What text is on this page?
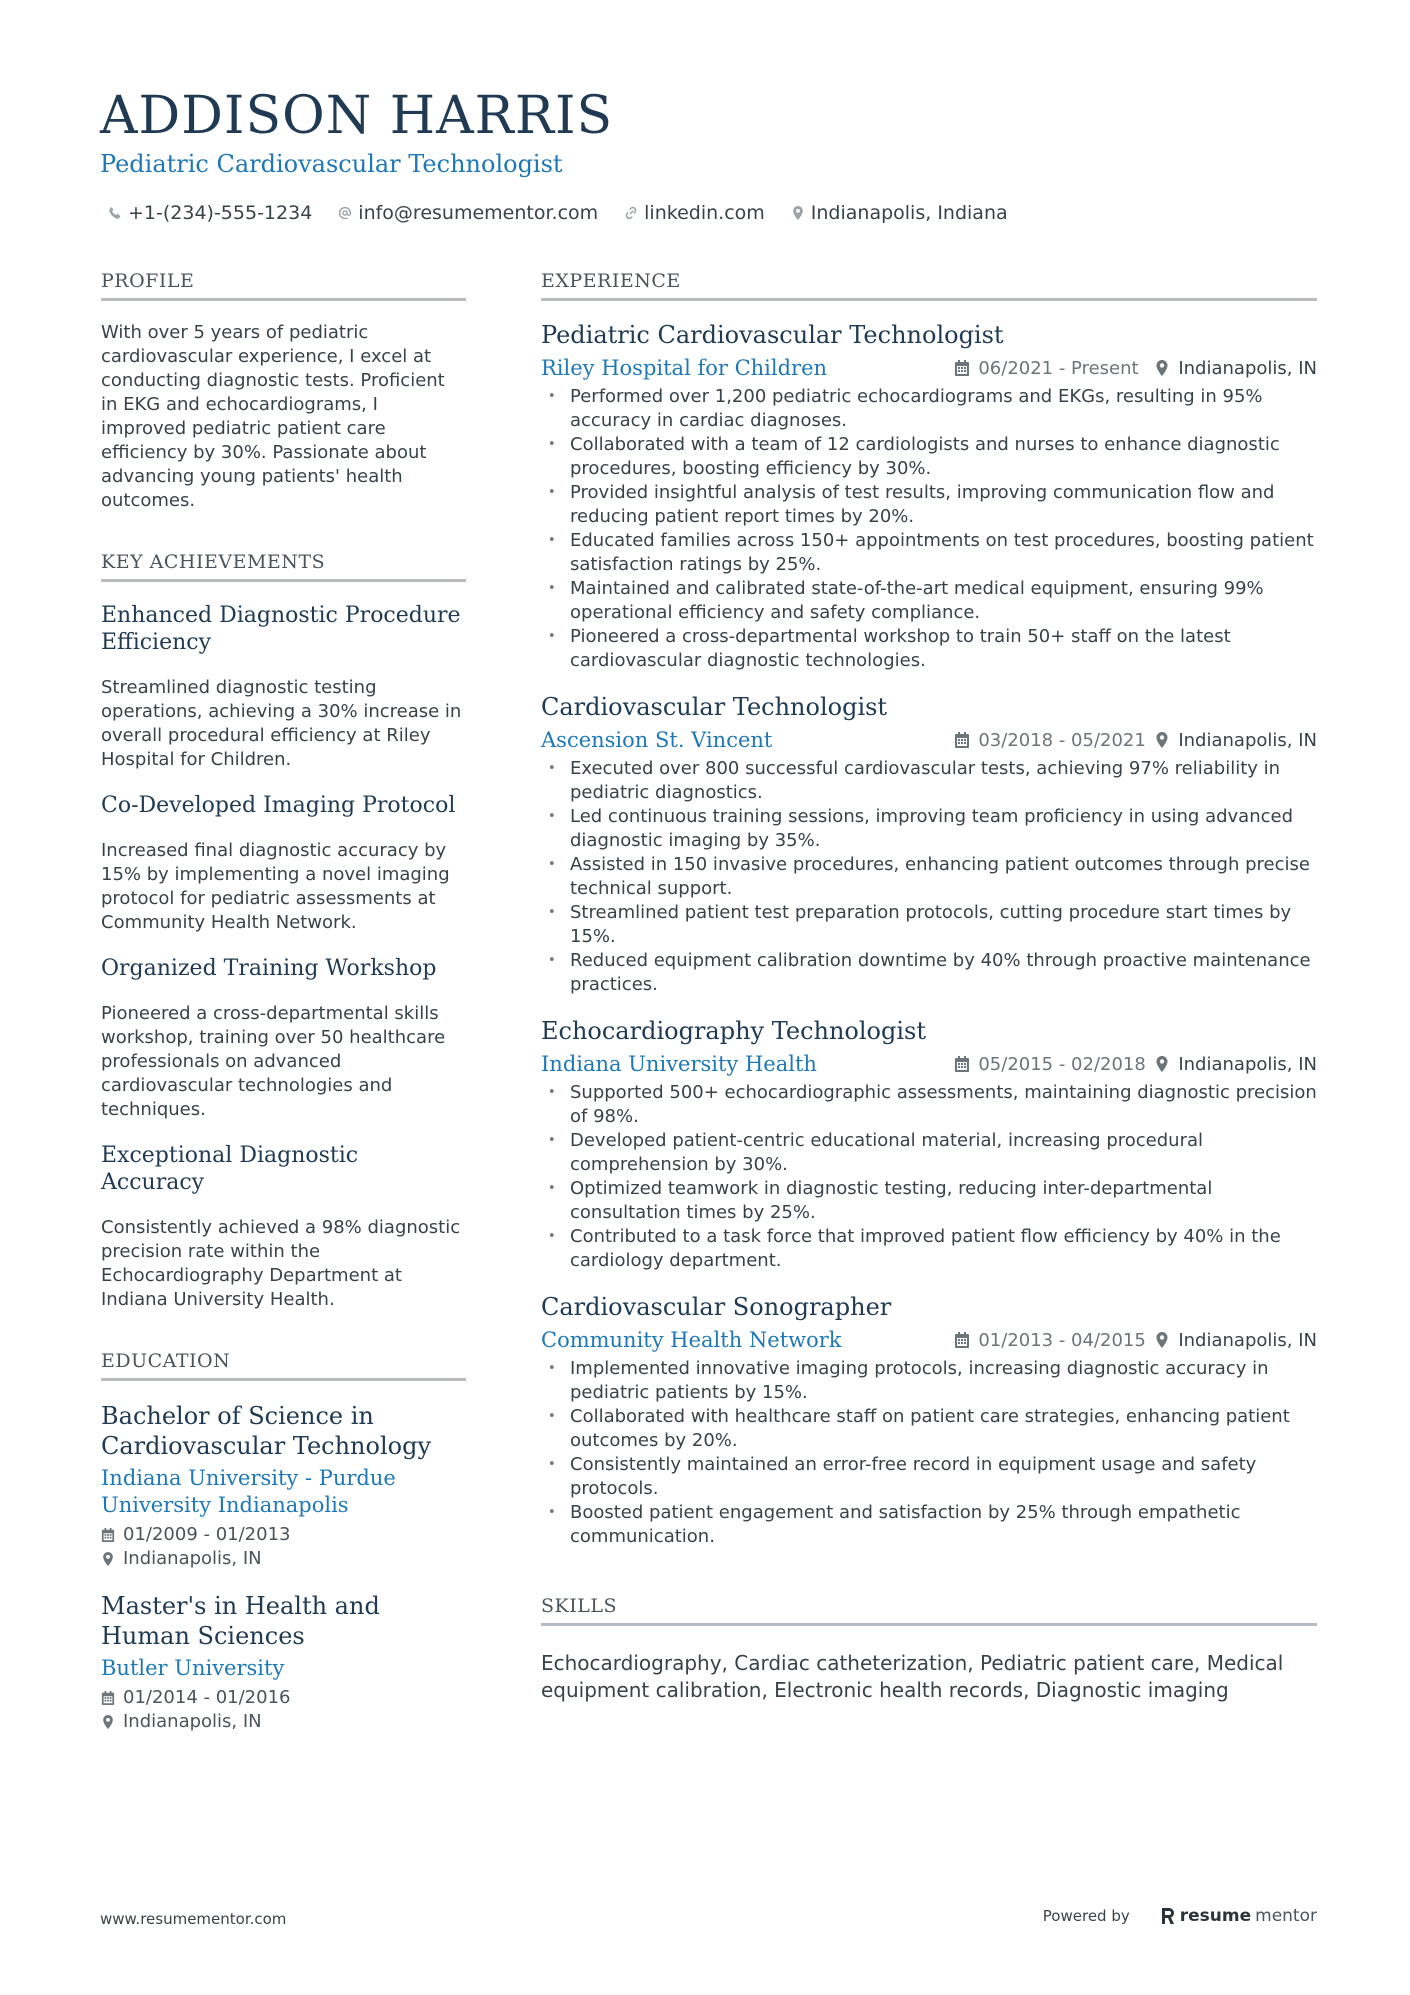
ADDISON HARRIS
Pediatric Cardiovascular Technologist
+1-(234)-555-1234 info@resumementor.com linkedin.com Indianapolis, Indiana
PROFILE

With over 5 years of pediatric cardiovascular experience, I excel at conducting diagnostic tests. Proficient in EKG and echocardiograms, I improved pediatric patient care efficiency by 30%. Passionate about advancing young patients' health outcomes.

KEY ACHIEVEMENTS
Enhanced Diagnostic Procedure Efficiency

Streamlined diagnostic testing operations, achieving a 30% increase in overall procedural efficiency at Riley Hospital for Children.

Co-Developed Imaging Protocol

Increased final diagnostic accuracy by 15% by implementing a novel imaging protocol for pediatric assessments at Community Health Network.

Organized Training Workshop

Pioneered a cross-departmental skills workshop, training over 50 healthcare professionals on advanced cardiovascular technologies and techniques.

Exceptional Diagnostic Accuracy

Consistently achieved a 98% diagnostic precision rate within the Echocardiography Department at Indiana University Health.

EDUCATION
Bachelor of Science in Cardiovascular Technology
Indiana University - Purdue University Indianapolis
01/2009 - 01/2013
Indianapolis, IN
Master's in Health and Human Sciences
Butler University
01/2014 - 01/2016
Indianapolis, IN
EXPERIENCE
Pediatric Cardiovascular Technologist
Riley Hospital for Children	06/2021 - Present Indianapolis, IN
• Performed over 1,200 pediatric echocardiograms and EKGs, resulting in 95% accuracy in cardiac diagnoses.
• Collaborated with a team of 12 cardiologists and nurses to enhance diagnostic procedures, boosting efficiency by 30%.
• Provided insightful analysis of test results, improving communication flow and reducing patient report times by 20%.
• Educated families across 150+ appointments on test procedures, boosting patient satisfaction ratings by 25%.
• Maintained and calibrated state-of-the-art medical equipment, ensuring 99% operational efficiency and safety compliance.
• Pioneered a cross-departmental workshop to train 50+ staff on the latest cardiovascular diagnostic technologies.
Cardiovascular Technologist
Ascension St. Vincent	03/2018 - 05/2021 Indianapolis, IN
• Executed over 800 successful cardiovascular tests, achieving 97% reliability in pediatric diagnostics.
• Led continuous training sessions, improving team proficiency in using advanced diagnostic imaging by 35%.
• Assisted in 150 invasive procedures, enhancing patient outcomes through precise technical support.
• Streamlined patient test preparation protocols, cutting procedure start times by 15%.
• Reduced equipment calibration downtime by 40% through proactive maintenance practices.
Echocardiography Technologist
Indiana University Health	05/2015 - 02/2018 Indianapolis, IN
• Supported 500+ echocardiographic assessments, maintaining diagnostic precision of 98%.
• Developed patient-centric educational material, increasing procedural comprehension by 30%.
• Optimized teamwork in diagnostic testing, reducing inter-departmental consultation times by 25%.
• Contributed to a task force that improved patient flow efficiency by 40% in the cardiology department.
Cardiovascular Sonographer
Community Health Network	01/2013 - 04/2015 Indianapolis, IN
• Implemented innovative imaging protocols, increasing diagnostic accuracy in pediatric patients by 15%.
• Collaborated with healthcare staff on patient care strategies, enhancing patient outcomes by 20%.
• Consistently maintained an error-free record in equipment usage and safety protocols.
• Boosted patient engagement and satisfaction by 25% through empathetic communication.
SKILLS

Echocardiography, Cardiac catheterization, Pediatric patient care, Medical equipment calibration, Electronic health records, Diagnostic imaging

www.resumementor.com	Powered by	resume mentor
